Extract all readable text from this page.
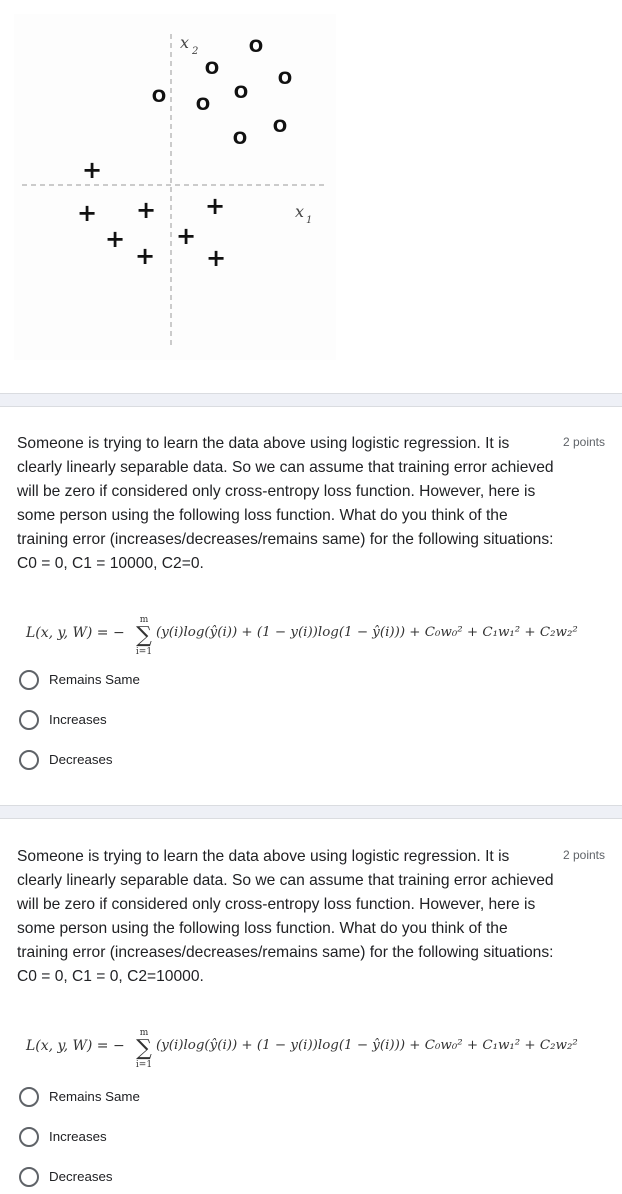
x 2
x 1
O
O	O
O O
O
O
O
+
+ + +
+ +
+ +
Someone is trying to learn the data above using logistic regression. It is clearly linearly separable data. So we can assume that training error achieved will be zero if considered only cross-entropy loss function. However, here is some person using the following loss function. What do you think of the training error (increases/decreases/remains same) for the following situations: C0 = 0, C1 = 10000, C2=0.
2 points
L(x, y, W) = −
m
∑
i=1
(y(i)log(ŷ(i)) + (1 − y(i))log(1 − ŷ(i))) + C₀w₀² + C₁w₁² + C₂w₂²
Remains Same
Increases
Decreases
Someone is trying to learn the data above using logistic regression. It is clearly linearly separable data. So we can assume that training error achieved will be zero if considered only cross-entropy loss function. However, here is some person using the following loss function. What do you think of the training error (increases/decreases/remains same) for the following situations: C0 = 0, C1 = 0, C2=10000.
2 points
L(x, y, W) = −
m
∑
i=1
(y(i)log(ŷ(i)) + (1 − y(i))log(1 − ŷ(i))) + C₀w₀² + C₁w₁² + C₂w₂²
Remains Same
Increases
Decreases
